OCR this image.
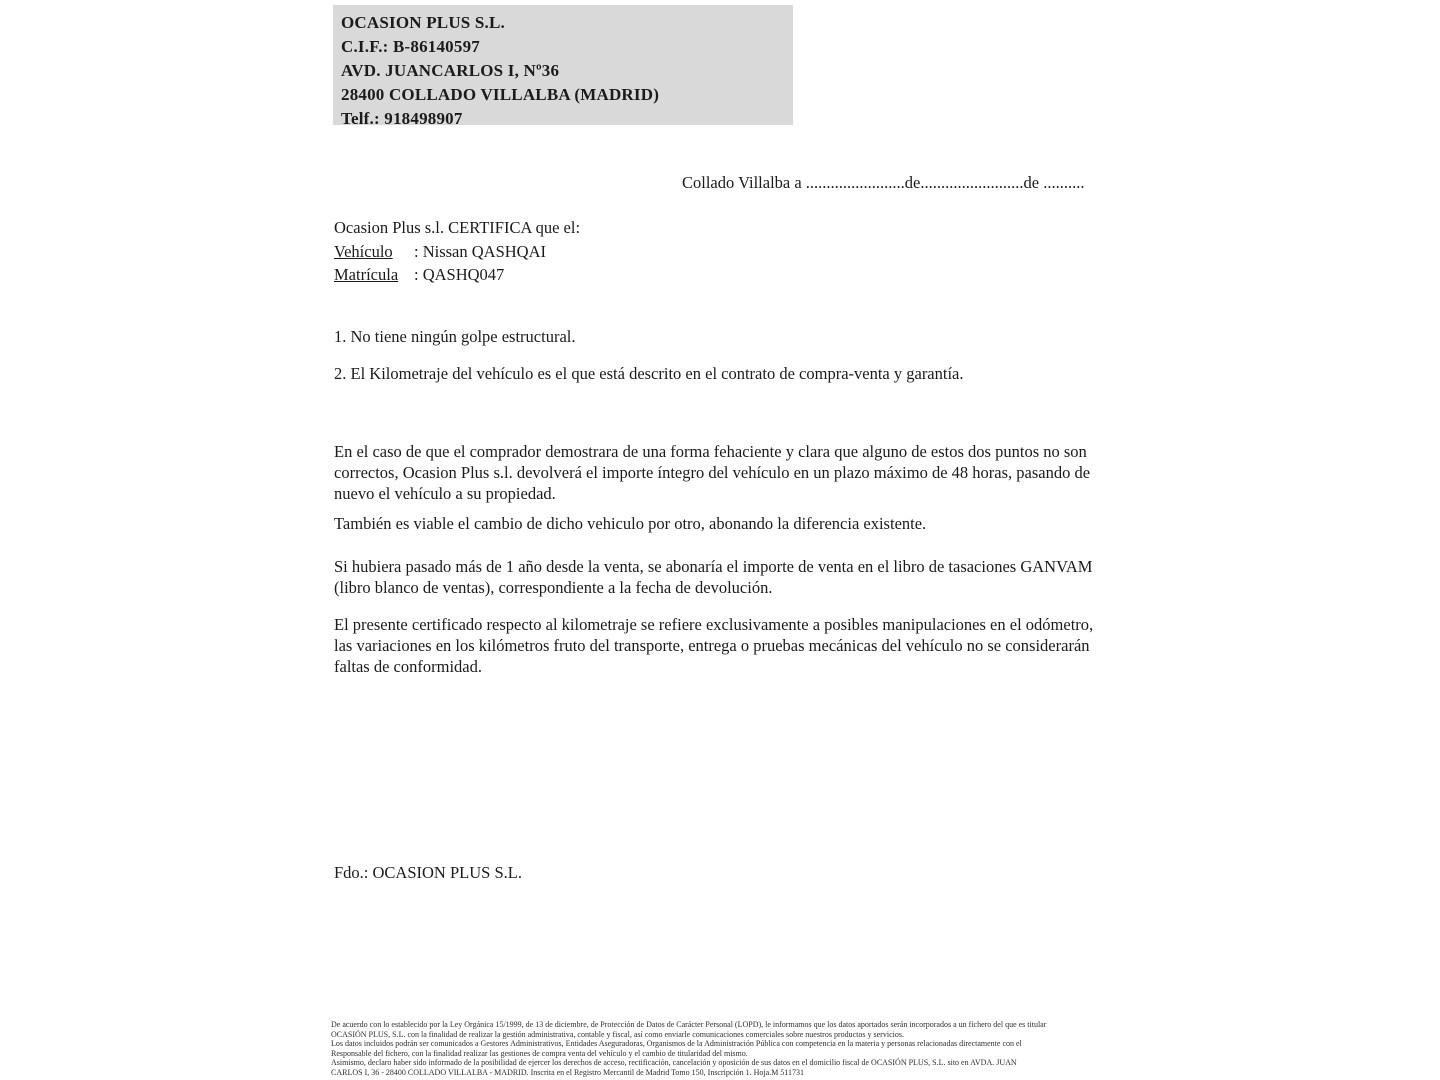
OCASION PLUS S.L.
C.I.F.: B-86140597
AVD. JUANCARLOS I, Nº36
28400 COLLADO VILLALBA (MADRID)
Telf.: 918498907
Collado Villalba a ........................de.........................de ..........
Ocasion Plus s.l. CERTIFICA que el:
Vehículo : Nissan QASHQAI
Matrícula : QASHQ047
1. No tiene ningún golpe estructural.
2. El Kilometraje del vehículo es el que está descrito en el contrato de compra-venta y garantía.
En el caso de que el comprador demostrara de una forma fehaciente y clara que alguno de estos dos puntos no son correctos, Ocasion Plus s.l. devolverá el importe íntegro del vehículo en un plazo máximo de 48 horas, pasando de nuevo el vehículo a su propiedad.
También es viable el cambio de dicho vehiculo por otro, abonando la diferencia existente.
Si hubiera pasado más de 1 año desde la venta, se abonaría el importe de venta en el libro de tasaciones GANVAM (libro blanco de ventas), correspondiente a la fecha de devolución.
El presente certificado respecto al kilometraje se refiere exclusivamente a posibles manipulaciones en el odómetro, las variaciones en los kilómetros fruto del transporte, entrega o pruebas mecánicas del vehículo no se considerarán faltas de conformidad.
Fdo.: OCASION PLUS S.L.
De acuerdo con lo establecido por la Ley Orgánica 15/1999, de 13 de diciembre, de Protección de Datos de Carácter Personal (LOPD), le informamos que los datos aportados serán incorporados a un fichero del que es titular
OCASIÓN PLUS, S.L. con la finalidad de realizar la gestión administrativa, contable y fiscal, así como enviarle comunicaciones comerciales sobre nuestros productos y servicios.
Los datos incluidos podrán ser comunicados a Gestores Administrativos, Entidades Aseguradoras, Organismos de la Administración Pública con competencia en la materia y personas relacionadas directamente con el
Responsable del fichero, con la finalidad realizar las gestiones de compra venta del vehículo y el cambio de titularidad del mismo.
Asimismo, declaro haber sido informado de la posibilidad de ejercer los derechos de acceso, rectificación, cancelación y oposición de sus datos en el domicilio fiscal de OCASIÓN PLUS, S.L. sito en AVDA. JUAN
CARLOS I, 36 - 28400 COLLADO VILLALBA - MADRID. Inscrita en el Registro Mercantil de Madrid Tomo 150, Inscripción 1. Hoja.M 511731
